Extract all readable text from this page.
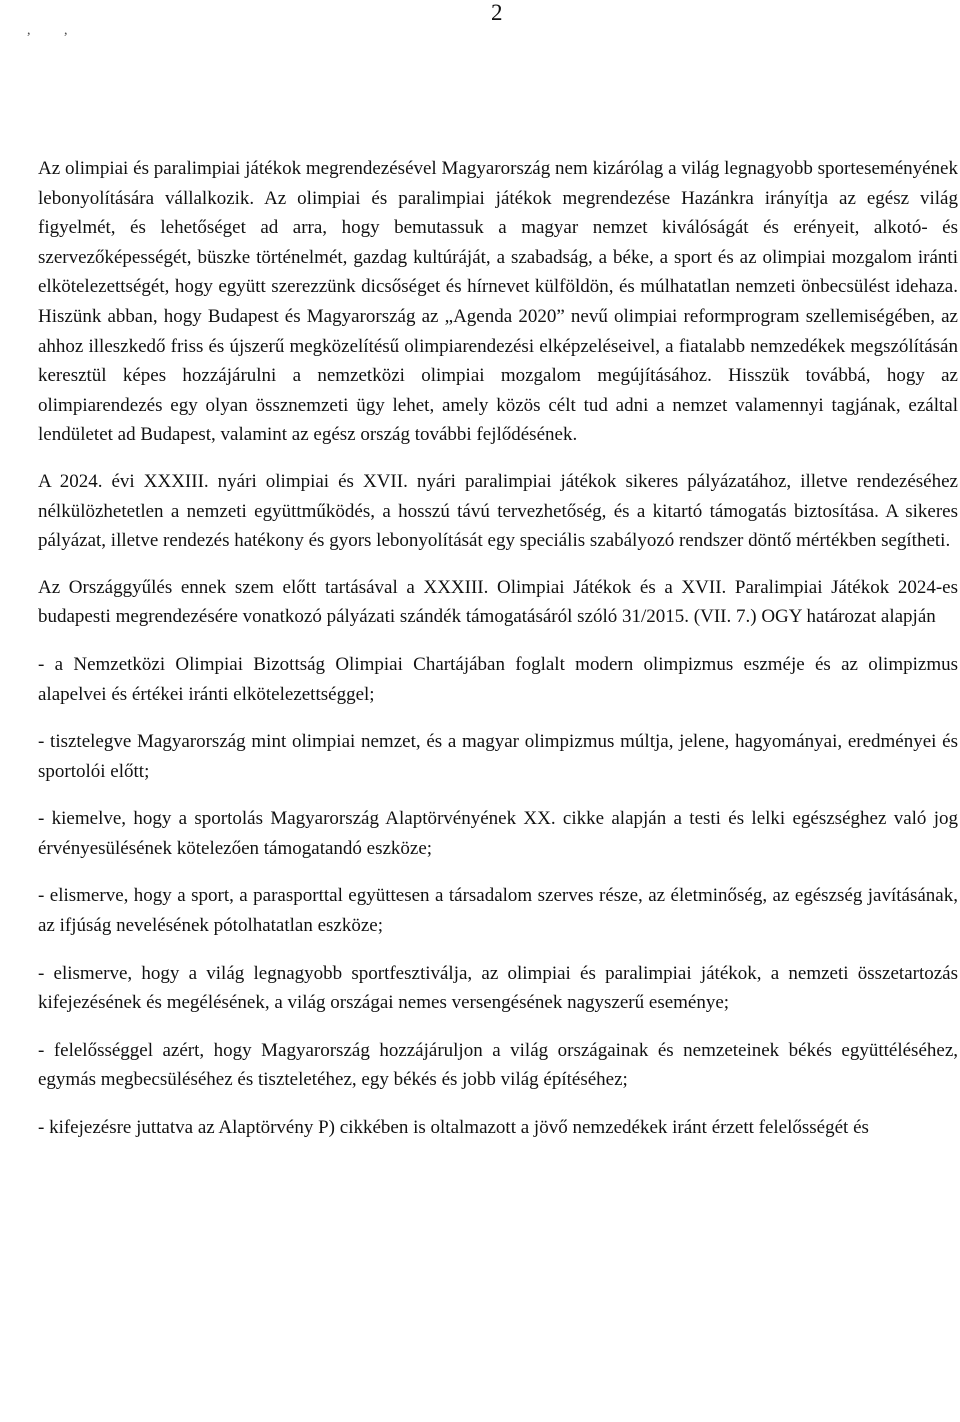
2
, ,

Az olimpiai és paralimpiai játékok megrendezésével Magyarország nem kizárólag a világ legnagyobb sporteseményének lebonyolítására vállalkozik. Az olimpiai és paralimpiai játékok megrendezése Hazánkra irányítja az egész világ figyelmét, és lehetőséget ad arra, hogy bemutassuk a magyar nemzet kiválóságát és erényeit, alkotó- és szervezőképességét, büszke történelmét, gazdag kultúráját, a szabadság, a béke, a sport és az olimpiai mozgalom iránti elkötelezettségét, hogy együtt szerezzünk dicsőséget és hírnevet külföldön, és múlhatatlan nemzeti önbecsülést idehaza. Hiszünk abban, hogy Budapest és Magyarország az „Agenda 2020” nevű olimpiai reformprogram szellemiségében, az ahhoz illeszkedő friss és újszerű megközelítésű olimpiarendezési elképzeléseivel, a fiatalabb nemzedékek megszólításán keresztül képes hozzájárulni a nemzetközi olimpiai mozgalom megújításához. Hisszük továbbá, hogy az olimpiarendezés egy olyan össznemzeti ügy lehet, amely közös célt tud adni a nemzet valamennyi tagjának, ezáltal lendületet ad Budapest, valamint az egész ország további fejlődésének.

A 2024. évi XXXIII. nyári olimpiai és XVII. nyári paralimpiai játékok sikeres pályázatához, illetve rendezéséhez nélkülözhetetlen a nemzeti együttműködés, a hosszú távú tervezhetőség, és a kitartó támogatás biztosítása. A sikeres pályázat, illetve rendezés hatékony és gyors lebonyolítását egy speciális szabályozó rendszer döntő mértékben segítheti.

Az Országgyűlés ennek szem előtt tartásával a XXXIII. Olimpiai Játékok és a XVII. Paralimpiai Játékok 2024-es budapesti megrendezésére vonatkozó pályázati szándék támogatásáról szóló 31/2015. (VII. 7.) OGY határozat alapján

- a Nemzetközi Olimpiai Bizottság Olimpiai Chartájában foglalt modern olimpizmus eszméje és az olimpizmus alapelvei és értékei iránti elkötelezettséggel;

- tisztelegve Magyarország mint olimpiai nemzet, és a magyar olimpizmus múltja, jelene, hagyományai, eredményei és sportolói előtt;

- kiemelve, hogy a sportolás Magyarország Alaptörvényének XX. cikke alapján a testi és lelki egészséghez való jog érvényesülésének kötelezően támogatandó eszköze;

- elismerve, hogy a sport, a parasporttal együttesen a társadalom szerves része, az életminőség, az egészség javításának, az ifjúság nevelésének pótolhatatlan eszköze;

- elismerve, hogy a világ legnagyobb sportfesztiválja, az olimpiai és paralimpiai játékok, a nemzeti összetartozás kifejezésének és megélésének, a világ országai nemes versengésének nagyszerű eseménye;

- felelősséggel azért, hogy Magyarország hozzájáruljon a világ országainak és nemzeteinek békés együttéléséhez, egymás megbecsüléséhez és tiszteletéhez, egy békés és jobb világ építéséhez;

- kifejezésre juttatva az Alaptörvény P) cikkében is oltalmazott a jövő nemzedékek iránt érzett felelősségét és
